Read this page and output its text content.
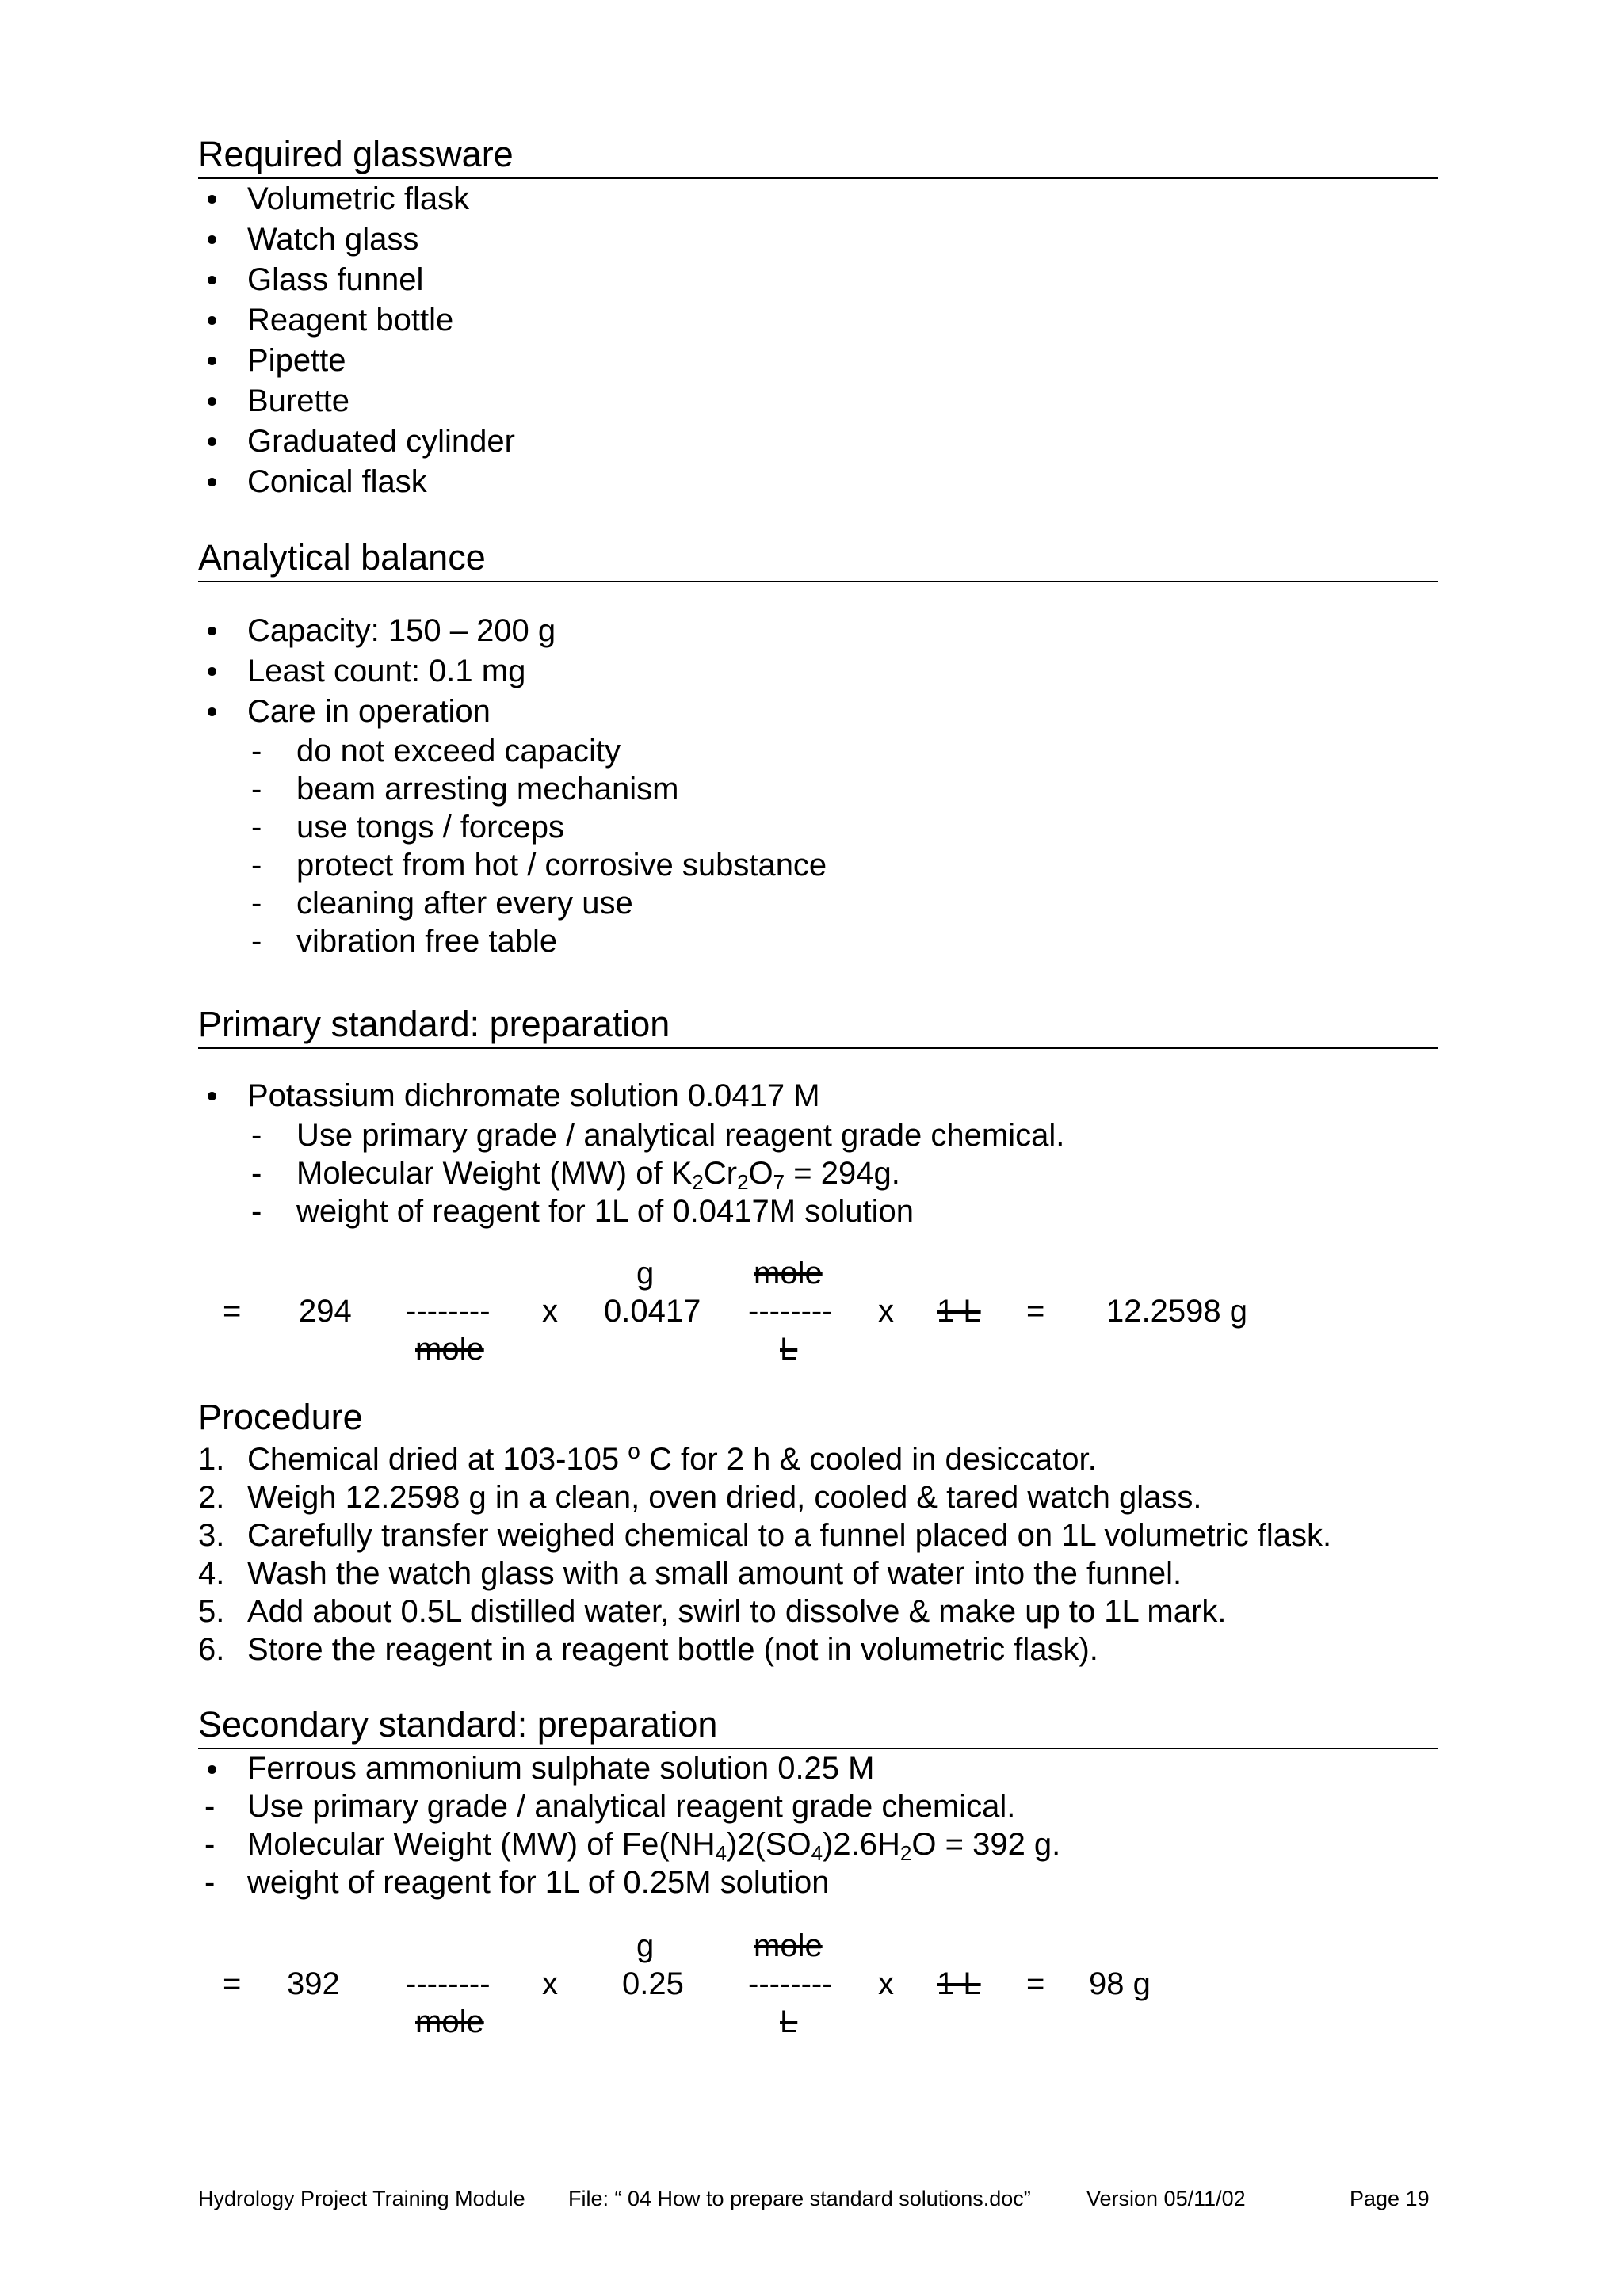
Required glassware
Volumetric flask
Watch glass
Glass funnel
Reagent bottle
Pipette
Burette
Graduated cylinder
Conical flask
Analytical balance
Capacity: 150 – 200 g
Least count: 0.1 mg
Care in operation
- do not exceed capacity
- beam arresting mechanism
- use tongs / forceps
- protect from hot / corrosive substance
- cleaning after every use
- vibration free table
Primary standard: preparation
Potassium dichromate solution 0.0417 M
- Use primary grade / analytical reagent grade chemical.
- Molecular Weight (MW) of $K_2Cr_2O_7 = 294g$.
- weight of reagent for 1L of 0.0417M solution
g	mole
= 294 -------- x 0.0417 -------- x 1 L = 12.2598 g
mole	L
Procedure
1. Chemical dried at 103-105 $^o$ C for 2 h & cooled in desiccator.
2. Weigh 12.2598 g in a clean, oven dried, cooled & tared watch glass.
3. Carefully transfer weighed chemical to a funnel placed on 1L volumetric flask.
4. Wash the watch glass with a small amount of water into the funnel.
5. Add about 0.5L distilled water, swirl to dissolve & make up to 1L mark.
6. Store the reagent in a reagent bottle (not in volumetric flask).
Secondary standard: preparation
Ferrous ammonium sulphate solution 0.25 M
- Use primary grade / analytical reagent grade chemical.
- Molecular Weight (MW) of $Fe(NH_4)2(SO_4)2.6H_2O = 392$ g.
- weight of reagent for 1L of 0.25M solution
g	mole
= 392 -------- x 0.25 -------- x 1 L = 98 g
mole	L
Hydrology Project Training Module File: “ 04 How to prepare standard solutions.doc”	Version 05/11/02	Page 19
